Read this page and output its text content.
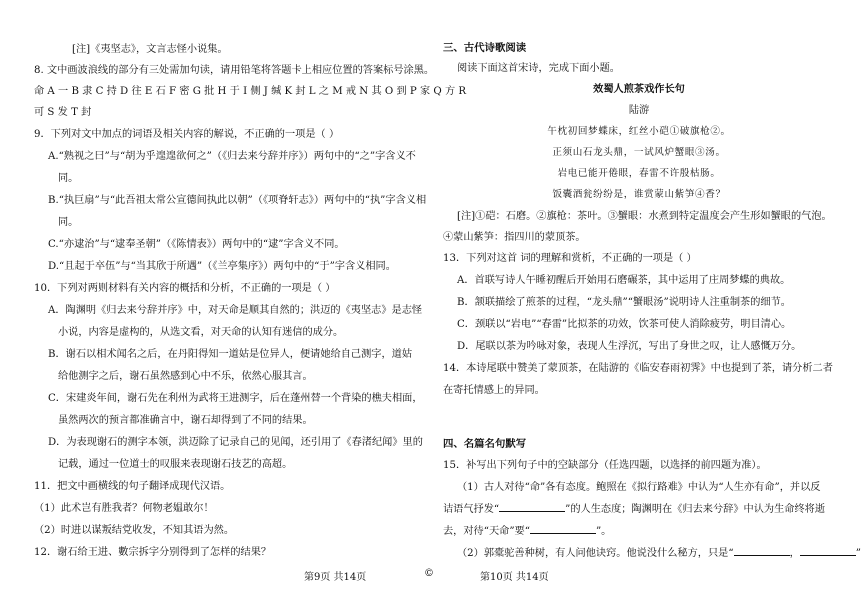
[注]《夷坚志》，文言志怪小说集。
8. 文中画波浪线的部分有三处需加句读，请用铅笔将答题卡上相应位置的答案标号涂黑。
命 A 一 B 隶 C 持 D 往 E 石 F 密 G 批 H 于 I 侧 J 缄 K 封 L 之 M 戒 N 其 O 到 P 家 Q 方 R
可 S 发 T 封
9．下列对文中加点的词语及相关内容的解说，不正确的一项是（ ）
A.“熟视之曰”与“胡为乎遑遑欲何之”（《归去来兮辞并序》）两句中的“之”字含义不
同。
B.“执巨扇”与“此吾祖太常公宣德间执此以朝”（《项脊轩志》）两句中的“执”字含义相
同。
C.“亦逮治”与“逮奉圣朝”（《陈情表》）两句中的“逮”字含义不同。
D.“且起于卒伍”与“当其欣于所遇”（《兰亭集序》）两句中的“于”字含义相同。
10．下列对两则材料有关内容的概括和分析，不正确的一项是（ ）
A．陶渊明《归去来兮辞并序》中，对天命是顺其自然的；洪迈的《夷坚志》是志怪
小说，内容是虚构的，从选文看，对天命的认知有迷信的成分。
B．谢石以相术闻名之后，在丹阳得知一道姑是位异人，便请她给自己测字，道姑
给他测字之后，谢石虽然感到心中不乐，依然心服其言。
C．宋建炎年间，谢石先在利州为武将王进测字，后在蓬州替一个背染的樵夫相面，
虽然两次的预言都准确言中，谢石却得到了不同的结果。
D．为表现谢石的测字本领，洪迈除了记录自己的见闻，还引用了《春渚纪闻》里的
记载，通过一位道士的叹服来表现谢石技艺的高超。
11．把文中画横线的句子翻译成现代汉语。
（1）此术岂有胜我者？何物老媪敢尔！
（2）时进以谋叛结党收发，不知其语为然。
12．谢石给王进、數宗拆字分别得到了怎样的结果？
三、古代诗歌阅读
阅读下面这首宋诗，完成下面小题。
效蜀人煎茶戏作长句
陆游
午枕初回梦蝶床，红丝小硙①破旗枪②。
正须山石龙头鼎，一试风炉蟹眼③汤。
岩电已能开倦眼，春雷不许殷枯肠。
饭囊酒瓮纷纷是，谁赏蒙山紫笋④香？
[注]①硙：石磨。②旗枪：茶叶。③蟹眼：水煮到特定温度会产生形如蟹眼的气泡。
④蒙山紫笋：指四川的蒙顶茶。
13．下列对这首 词的理解和赏析，不正确的一项是（ ）
A．首联写诗人午睡初醒后开始用石磨碾茶，其中运用了庄周梦蝶的典故。
B．颔联描绘了煎茶的过程，“龙头鼎”“蟹眼汤”说明诗人注重制茶的细节。
C．颈联以“岩电”“春雷”比拟茶的功效，饮茶可使人消除疲劳，明目清心。
D．尾联以茶为吟咏对象，表现人生浮沉，写出了身世之叹，让人感慨万分。
14．本诗尾联中赞美了蒙顶茶，在陆游的《临安春雨初霁》中也提到了茶，请分析二者
在寄托情感上的异同。
四、名篇名句默写
15．补写出下列句子中的空缺部分（任选四题，以选择的前四题为准）。
（1）古人对待“命”各有态度。鲍照在《拟行路难》中认为“人生亦有命”，并以反
诘语气抒发“	”的人生态度；陶渊明在《归去来兮辞》中认为生命终将逝
去，对待“天命”要“	”。
（2）郭橐驼善种树，有人问他诀窍。他说没什么秘方，只是“	，	”
第9页 共14页	©	第10页 共14页
